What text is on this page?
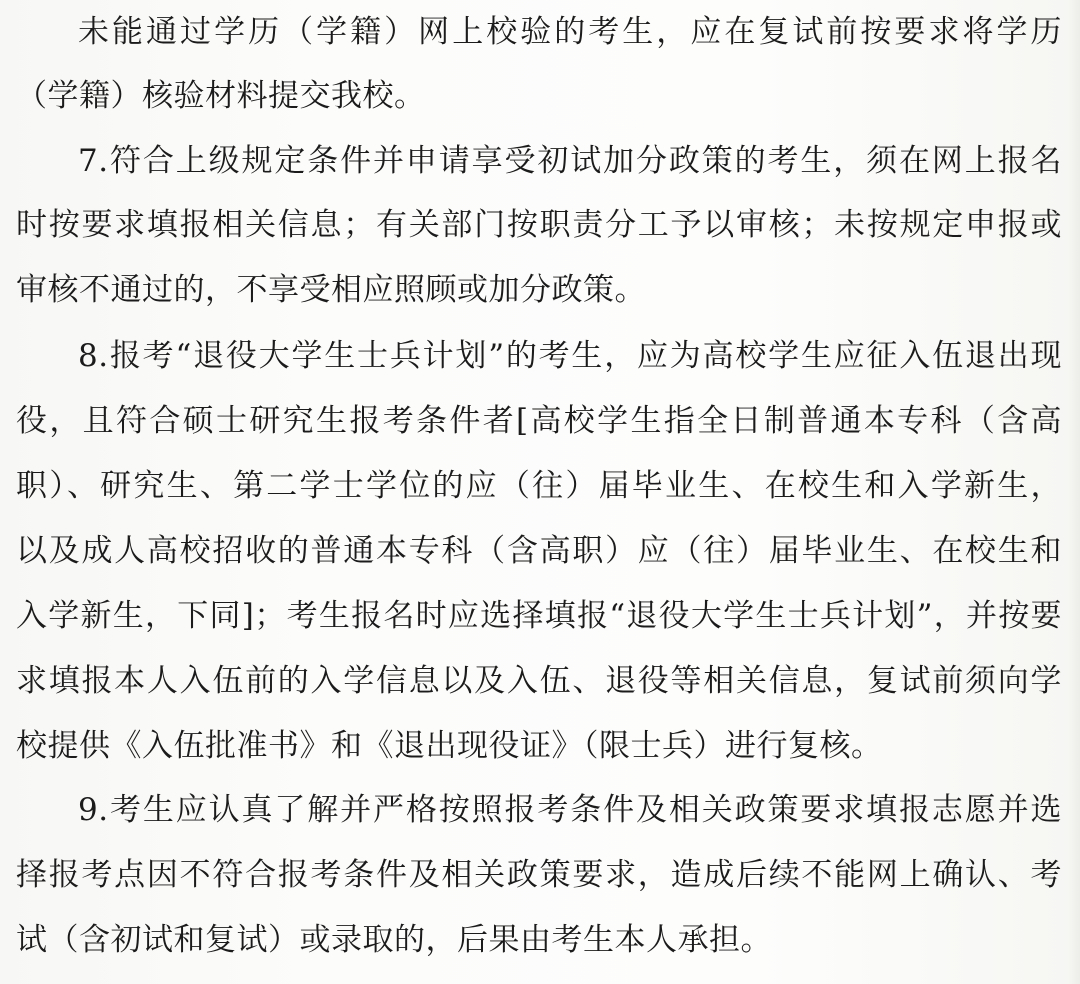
未能通过学历（学籍）网上校验的考生，应在复试前按要求将学历
（学籍）核验材料提交我校。
7.符合上级规定条件并申请享受初试加分政策的考生，须在网上报名
时按要求填报相关信息；有关部门按职责分工予以审核；未按规定申报或
审核不通过的，不享受相应照顾或加分政策。
8.报考“退役大学生士兵计划”的考生，应为高校学生应征入伍退出现
役，且符合硕士研究生报考条件者[高校学生指全日制普通本专科（含高
职）、研究生、第二学士学位的应（往）届毕业生、在校生和入学新生，
以及成人高校招收的普通本专科（含高职）应（往）届毕业生、在校生和
入学新生，下同]；考生报名时应选择填报“退役大学生士兵计划”，并按要
求填报本人入伍前的入学信息以及入伍、退役等相关信息，复试前须向学
校提供《入伍批准书》和《退出现役证》（限士兵）进行复核。
9.考生应认真了解并严格按照报考条件及相关政策要求填报志愿并选
择报考点因不符合报考条件及相关政策要求，造成后续不能网上确认、考
试（含初试和复试）或录取的，后果由考生本人承担。
